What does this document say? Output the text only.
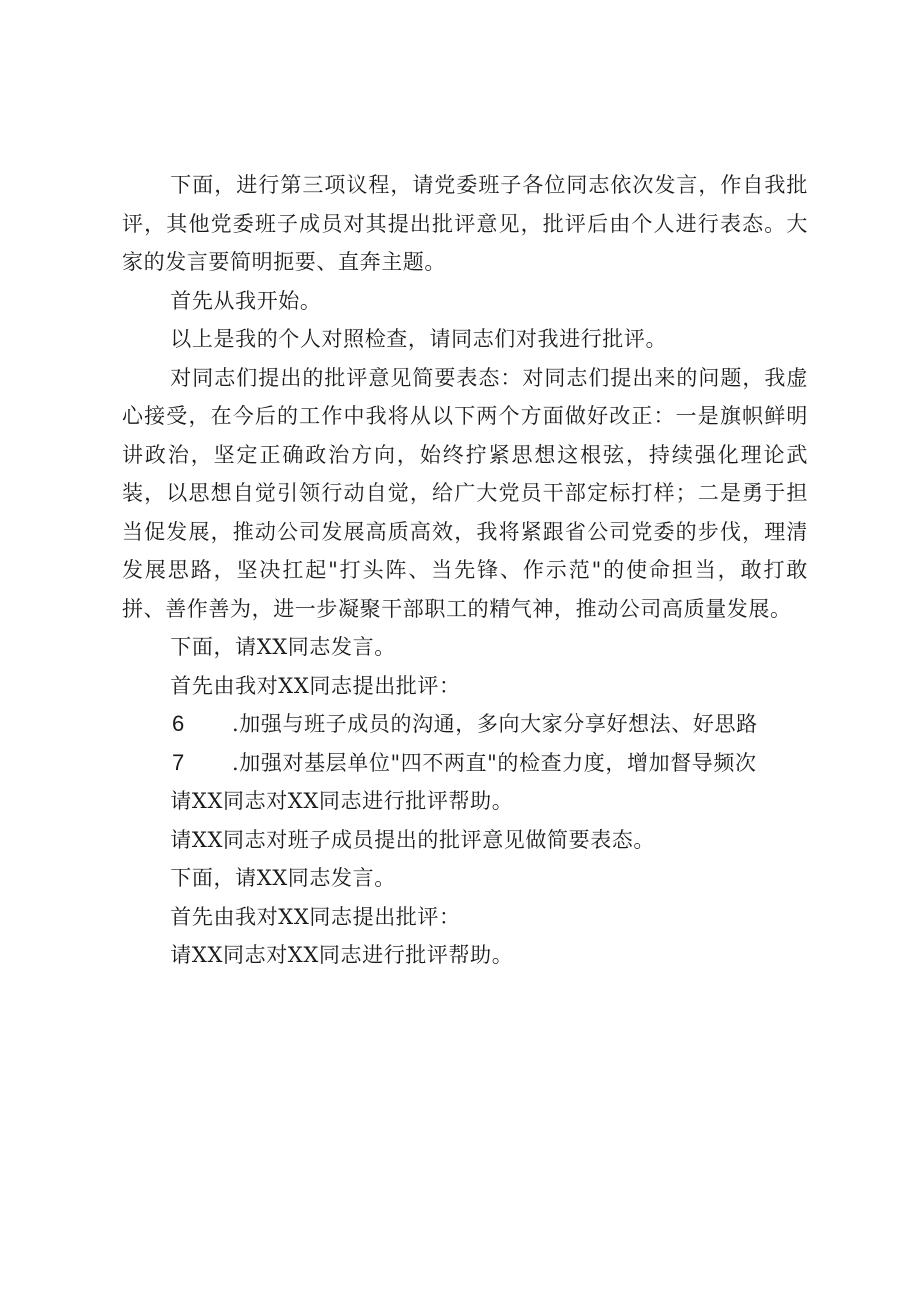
下面，进行第三项议程，请党委班子各位同志依次发言，作自我批评，其他党委班子成员对其提出批评意见，批评后由个人进行表态。大家的发言要简明扼要、直奔主题。

首先从我开始。

以上是我的个人对照检查，请同志们对我进行批评。

对同志们提出的批评意见简要表态：对同志们提出来的问题，我虚心接受，在今后的工作中我将从以下两个方面做好改正：一是旗帜鲜明讲政治，坚定正确政治方向，始终拧紧思想这根弦，持续强化理论武装，以思想自觉引领行动自觉，给广大党员干部定标打样；二是勇于担当促发展，推动公司发展高质高效，我将紧跟省公司党委的步伐，理清发展思路，坚决扛起"打头阵、当先锋、作示范"的使命担当，敢打敢拼、善作善为，进一步凝聚干部职工的精气神，推动公司高质量发展。

下面，请XX同志发言。

首先由我对XX同志提出批评：

6	.加强与班子成员的沟通，多向大家分享好想法、好思路
7	.加强对基层单位"四不两直"的检查力度，增加督导频次

请XX同志对XX同志进行批评帮助。

请XX同志对班子成员提出的批评意见做简要表态。

下面，请XX同志发言。

首先由我对XX同志提出批评：

请XX同志对XX同志进行批评帮助。
